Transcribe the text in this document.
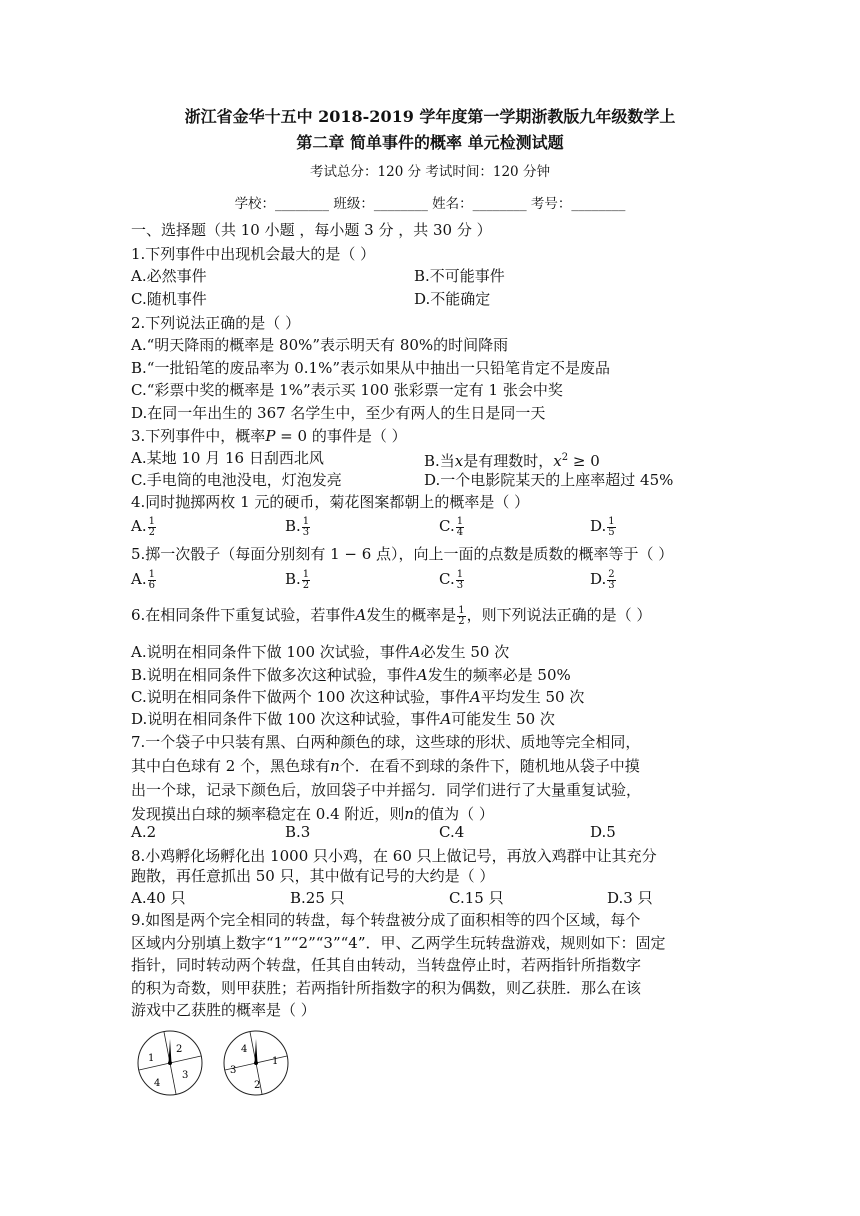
浙江省金华十五中 2018-2019 学年度第一学期浙教版九年级数学上
第二章 简单事件的概率 单元检测试题
考试总分：120 分 考试时间：120 分钟
学校：________ 班级：________ 姓名：________ 考号：________
一、选择题（共 10 小题 ，每小题 3 分 ，共 30 分 ）
1.下列事件中出现机会最大的是（ ）
A.必然事件	B.不可能事件
C.随机事件	D.不能确定
2.下列说法正确的是（ ）
A.“明天降雨的概率是 80%”表示明天有 80%的时间降雨
B.“一批铅笔的废品率为 0.1%”表示如果从中抽出一只铅笔肯定不是废品
C.“彩票中奖的概率是 1%”表示买 100 张彩票一定有 1 张会中奖
D.在同一年出生的 367 名学生中，至少有两人的生日是同一天
3.下列事件中，概率P = 0 的事件是（ ）
A.某地 10 月 16 日刮西北风	B.当x是有理数时，$x^2 \ge 0$
C.手电筒的电池没电，灯泡发亮	D.一个电影院某天的上座率超过 45%
4.同时抛掷两枚 1 元的硬币，菊花图案都朝上的概率是（ ）
A. $\frac{1}{2}$	B. $\frac{1}{3}$	C. $\frac{1}{4}$	D. $\frac{1}{5}$
5.掷一次骰子（每面分别刻有 1 − 6 点），向上一面的点数是质数的概率等于（ ）
A. $\frac{1}{6}$	B. $\frac{1}{2}$	C. $\frac{1}{3}$	D. $\frac{2}{3}$
6.在相同条件下重复试验，若事件A发生的概率是 $\frac{1}{2}$ ，则下列说法正确的是（ ）
A.说明在相同条件下做 100 次试验，事件A必发生 50 次
B.说明在相同条件下做多次这种试验，事件A发生的频率必是 50%
C.说明在相同条件下做两个 100 次这种试验，事件A平均发生 50 次
D.说明在相同条件下做 100 次这种试验，事件A可能发生 50 次
7.一个袋子中只装有黑、白两种颜色的球，这些球的形状、质地等完全相同，
其中白色球有 2 个，黑色球有n个．在看不到球的条件下，随机地从袋子中摸
出一个球，记录下颜色后，放回袋子中并摇匀．同学们进行了大量重复试验，
发现摸出白球的频率稳定在 0.4 附近，则n的值为（ ）
A.2	B.3	C.4	D.5
8.小鸡孵化场孵化出 1000 只小鸡，在 60 只上做记号，再放入鸡群中让其充分
跑散，再任意抓出 50 只，其中做有记号的大约是（ ）
A.40 只	B.25 只	C.15 只	D.3 只
9.如图是两个完全相同的转盘，每个转盘被分成了面积相等的四个区域，每个
区域内分别填上数字“1”“2”“3”“4”．甲、乙两学生玩转盘游戏，规则如下：固定
指针，同时转动两个转盘，任其自由转动，当转盘停止时，若两指针所指数字
的积为奇数，则甲获胜；若两指针所指数字的积为偶数，则乙获胜．那么在该
游戏中乙获胜的概率是（ ）
1
2
3
4
4
1
3
2
